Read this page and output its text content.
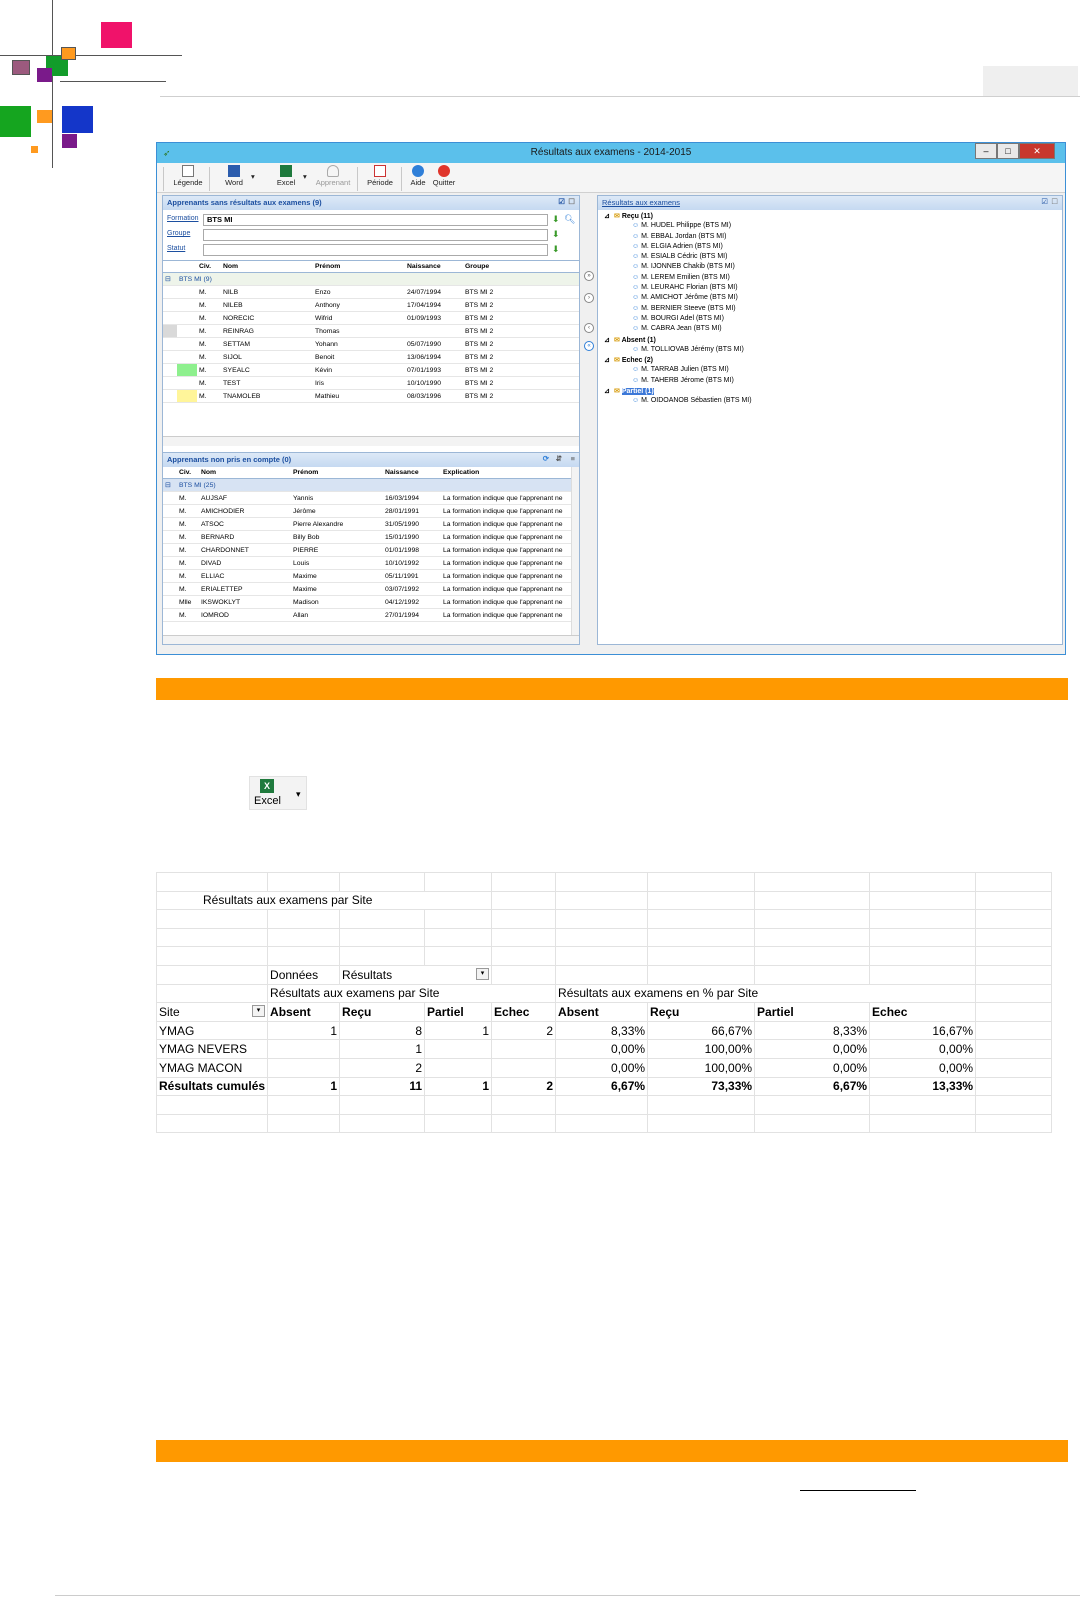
➶	Résultats aux examens - 2014-2015	–	□	✕
Légende	Word
▾
Excel
▾
Apprenant Période	Aide Quitter
Apprenants sans résultats aux examens (9)	☑ ☐
Formation	BTS MI	⬇ 🔍︎
Groupe	⬇
Statut	⬇
		Civ.	Nom	Prénom	Naissance	Groupe
⊟	BTS MI (9)					
		M.	NILB	Enzo	24/07/1994	BTS MI 2
		M.	NILEB	Anthony	17/04/1994	BTS MI 2
		M.	NORECIC	Wifrid	01/09/1993	BTS MI 2
		M.	REINRAG	Thomas		BTS MI 2
		M.	SETTAM	Yohann	05/07/1990	BTS MI 2
		M.	SIJOL	Benoit	13/06/1994	BTS MI 2
		M.	SYEALC	Kévin	07/01/1993	BTS MI 2
		M.	TEST	Iris	10/10/1990	BTS MI 2
		M.	TNAMOLEB	Mathieu	08/03/1996	BTS MI 2
Apprenants non pris en compte (0)	⟳ ⇵ ≡
	Civ.	Nom	Prénom	Naissance	Explication
⊟	BTS MI (25)				
	M.	AUJSAF	Yannis	16/03/1994	La formation indique que l'apprenant ne
	M.	AMICHODIER	Jérôme	28/01/1991	La formation indique que l'apprenant ne
	M.	ATSOC	Pierre Alexandre	31/05/1990	La formation indique que l'apprenant ne
	M.	BERNARD	Billy Bob	15/01/1990	La formation indique que l'apprenant ne
	M.	CHARDONNET	PIERRE	01/01/1998	La formation indique que l'apprenant ne
	M.	DIVAD	Louis	10/10/1992	La formation indique que l'apprenant ne
	M.	ELLIAC	Maxime	05/11/1991	La formation indique que l'apprenant ne
	M.	ERIALETTEP	Maxime	03/07/1992	La formation indique que l'apprenant ne
	Mlle	IKSWOKLYT	Madison	04/12/1992	La formation indique que l'apprenant ne
	M.	IOMROD	Allan	27/01/1994	La formation indique que l'apprenant ne
»
›
‹
«
Résultats aux examens	☑ ☐
⊿ ✉ Reçu (11)
☺ M. HUDEL Philippe (BTS MI)
☺ M. EBBAL Jordan (BTS MI)
☺ M. ELGIA Adrien (BTS MI)
☺ M. ESIALB Cédric (BTS MI)
☺ M. IJONNEB Chakib (BTS MI)
☺ M. LEREM Emilien (BTS MI)
☺ M. LEURAHC Florian (BTS MI)
☺ M. AMICHOT Jérôme (BTS MI)
☺ M. BERNIER Steeve (BTS MI)
☺ M. BOURGI Adel (BTS MI)
☺ M. CABRA Jean (BTS MI)
⊿ ✉ Absent (1)
☺ M. TOLLIOVAB Jérémy (BTS MI)
⊿ ✉ Echec (2)
☺ M. TARRAB Julien (BTS MI)
☺ M. TAHERB Jérome (BTS MI)
⊿ ✉ Partiel (1)
☺ M. OIDOANOB Sébastien (BTS MI)
X
Excel
▾

Résultats aux examens par Site									

	Données	Résultats ▾							

	Résultats aux examens par Site				Résultats aux examens en % par Site				
Site ▾	Absent	Reçu	Partiel	Echec	Absent	Reçu	Partiel	Echec	
YMAG	1	8	1	2	8,33%	66,67%	8,33%	16,67%	
YMAG NEVERS		1			0,00%	100,00%	0,00%	0,00%	
YMAG MACON		2			0,00%	100,00%	0,00%	0,00%	
Résultats cumulés	1	11	1	2	6,67%	73,33%	6,67%	13,33%	
